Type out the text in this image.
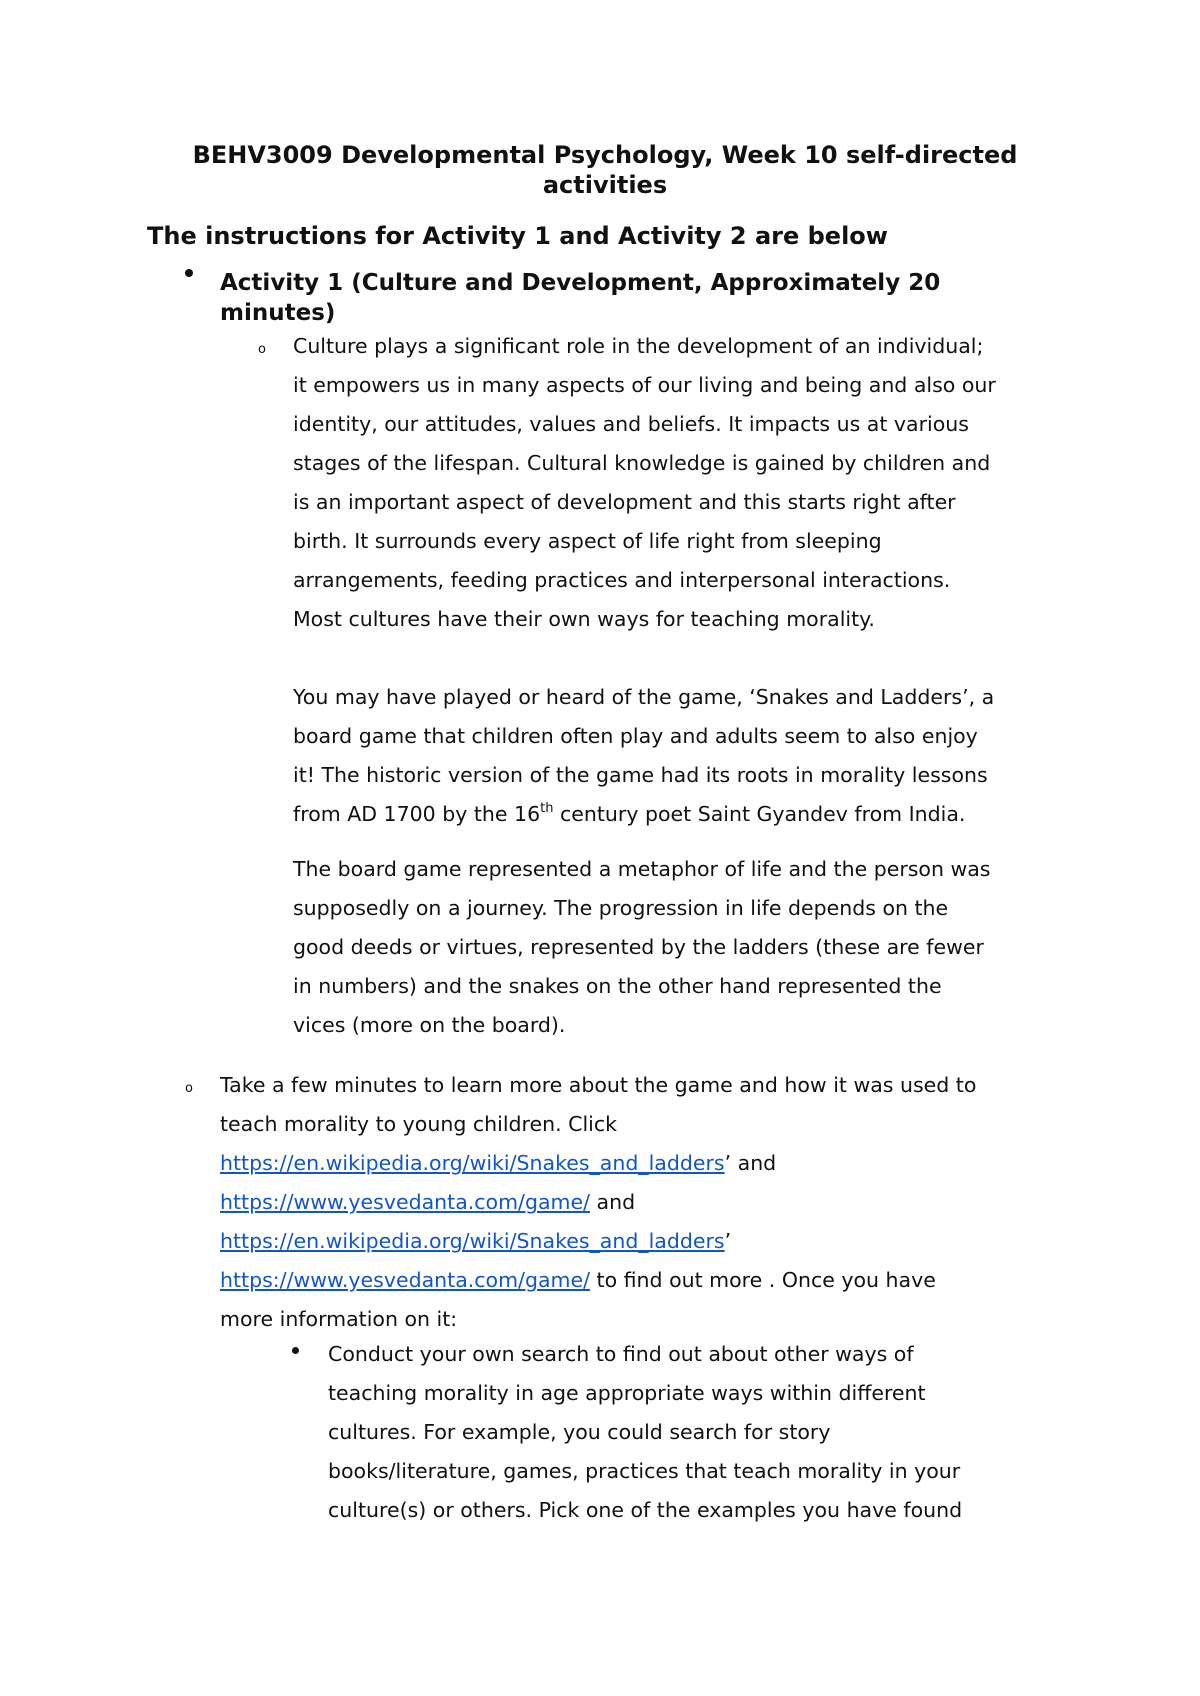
BEHV3009 Developmental Psychology, Week 10 self-directed
activities
The instructions for Activity 1 and Activity 2 are below
Activity 1 (Culture and Development, Approximately 20
minutes)
o Culture plays a significant role in the development of an individual;
it empowers us in many aspects of our living and being and also our
identity, our attitudes, values and beliefs. It impacts us at various
stages of the lifespan. Cultural knowledge is gained by children and
is an important aspect of development and this starts right after
birth. It surrounds every aspect of life right from sleeping
arrangements, feeding practices and interpersonal interactions.
Most cultures have their own ways for teaching morality.
You may have played or heard of the game, ‘Snakes and Ladders’, a
board game that children often play and adults seem to also enjoy
it! The historic version of the game had its roots in morality lessons
from AD 1700 by the 16th century poet Saint Gyandev from India.
The board game represented a metaphor of life and the person was
supposedly on a journey. The progression in life depends on the
good deeds or virtues, represented by the ladders (these are fewer
in numbers) and the snakes on the other hand represented the
vices (more on the board).
o Take a few minutes to learn more about the game and how it was used to
teach morality to young children. Click
https://en.wikipedia.org/wiki/Snakes_and_ladders’ and
https://www.yesvedanta.com/game/ and
https://en.wikipedia.org/wiki/Snakes_and_ladders’
https://www.yesvedanta.com/game/ to find out more . Once you have
more information on it:
Conduct your own search to find out about other ways of
teaching morality in age appropriate ways within different
cultures. For example, you could search for story
books/literature, games, practices that teach morality in your
culture(s) or others. Pick one of the examples you have found
